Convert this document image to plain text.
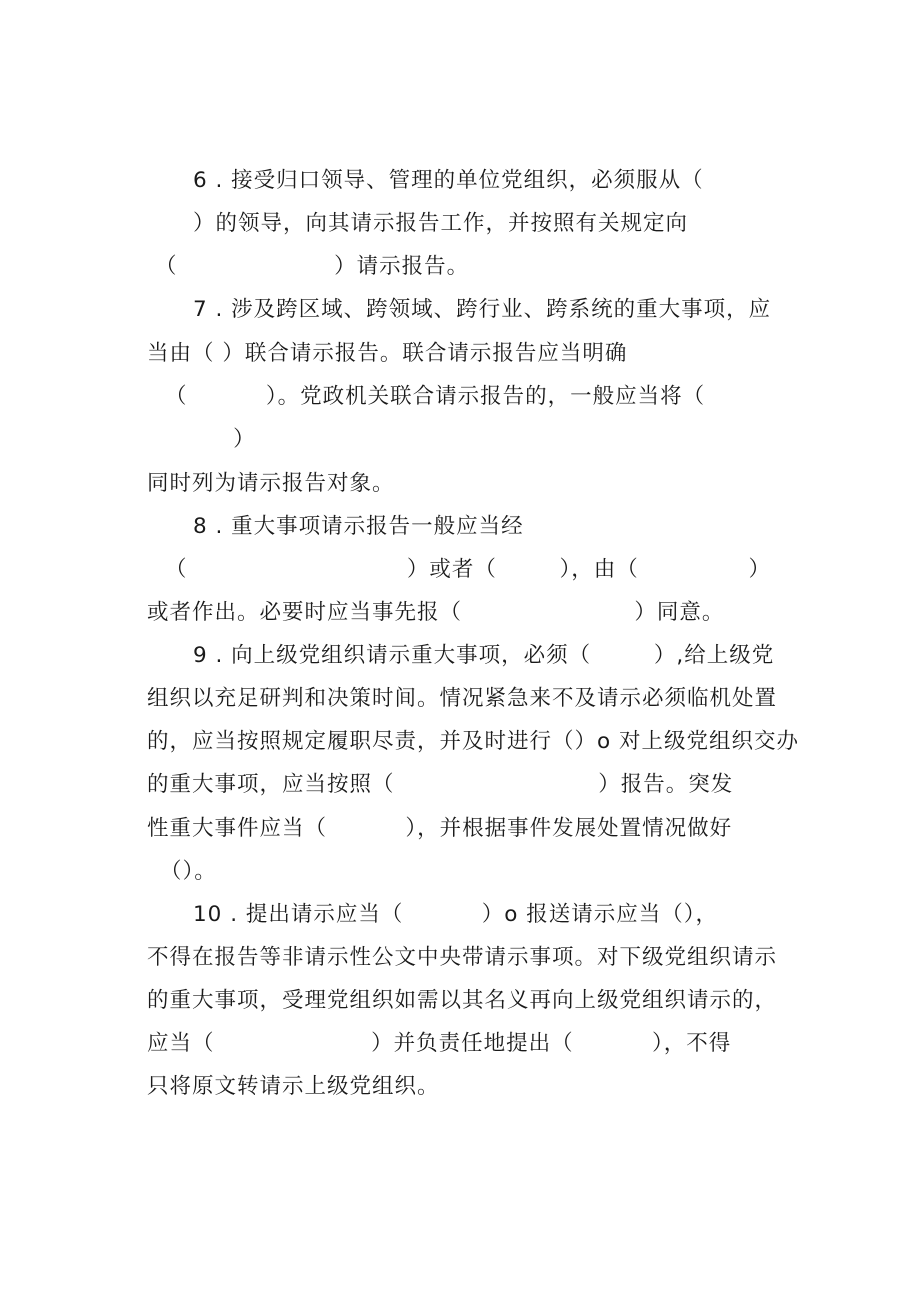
6 . 接受归口领导、管理的单位党组织，必须服从（
）的领导，向其请示报告工作，并按照有关规定向
（                    ）请示报告。
7 . 涉及跨区域、跨领域、跨行业、跨系统的重大事项，应
当由（ ）联合请示报告。联合请示报告应当明确
（          ）。党政机关联合请示报告的，一般应当将（
）
同时列为请示报告对象。
8 . 重大事项请示报告一般应当经
（                            ）或者（        ），由（              ）
或者作出。必要时应当事先报（                      ）同意。
9 . 向上级党组织请示重大事项，必须（        ）,给上级党
组织以充足研判和决策时间。情况紧急来不及请示必须临机处置
的，应当按照规定履职尽责，并及时进行（）o 对上级党组织交办
的重大事项，应当按照（                          ）报告。突发
性重大事件应当（          ），并根据事件发展处置情况做好
（）。
10 . 提出请示应当（          ）o 报送请示应当（），
不得在报告等非请示性公文中央带请示事项。对下级党组织请示
的重大事项，受理党组织如需以其名义再向上级党组织请示的，
应当（                    ）并负责任地提出（          ），不得
只将原文转请示上级党组织。
